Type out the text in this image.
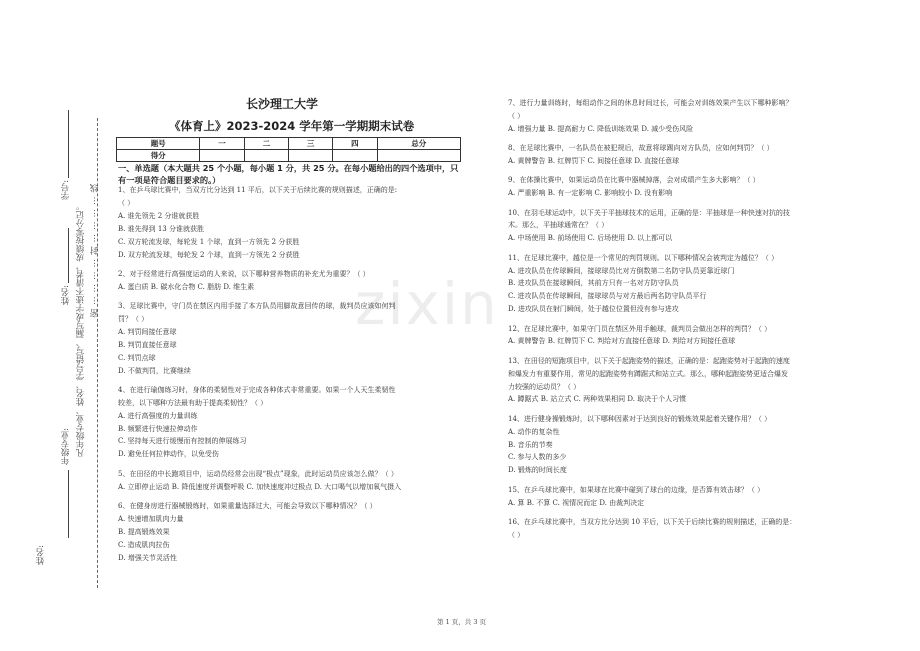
zixin
学号:
凡年级专业、姓名、学号错写、漏写或字迹不清者，成绩按零分记。 密⋯⋯⋯⋯封⋯⋯⋯⋯线
姓名:
年级专业:
姓名:
长沙理工大学
《体育上》2023-2024 学年第一学期期末试卷
题号	一	二	三	四	总分
得分					
一、单选题（本大题共 25 个小题，每小题 1 分，共 25 分。在每小题给出的四个选项中，只有一项是符合题目要求的。）
1、在乒乓球比赛中，当双方比分达到 11 平后，以下关于后续比赛的规则描述，正确的是:
（ ）
A. 谁先领先 2 分谁就获胜
B. 谁先得到 13 分谁就获胜
C. 双方轮流发球，每轮发 1 个球，直到一方领先 2 分获胜
D. 双方轮流发球，每轮发 2 个球，直到一方领先 2 分获胜
2、对于经常进行高强度运动的人来说，以下哪种营养物质的补充尤为重要？（ ）
A. 蛋白质 B. 碳水化合物 C. 脂肪 D. 维生素
3、足球比赛中，守门员在禁区内用手接了本方队员用脚故意回传的球，裁判员应该如何判
罚？（ ）
A. 判罚间接任意球
B. 判罚直接任意球
C. 判罚点球
D. 不做判罚，比赛继续
4、在进行瑜伽练习时，身体的柔韧性对于完成各种体式非常重要。如果一个人天生柔韧性
较差，以下哪种方法最有助于提高柔韧性？（ ）
A. 进行高强度的力量训练
B. 频繁进行快速拉伸动作
C. 坚持每天进行缓慢而有控制的伸展练习
D. 避免任何拉伸动作，以免受伤
5、在田径的中长跑项目中，运动员经常会出现“极点”现象，此时运动员应该怎么做？（ ）
A. 立即停止运动 B. 降低速度并调整呼吸 C. 加快速度冲过极点 D. 大口喝气以增加氧气摄入
6、在健身房进行器械锻炼时，如果重量选择过大，可能会导致以下哪种情况？（ ）
A. 快速增加肌肉力量
B. 提高锻炼效果
C. 造成肌肉拉伤
D. 增强关节灵活性
7、进行力量训练时，每组动作之间的休息时间过长，可能会对训练效果产生以下哪种影响？
（ ）
A. 增强力量 B. 提高耐力 C. 降低训练效果 D. 减少受伤风险
8、在足球比赛中，一名队员在被犯规后，故意将球踢向对方队员，应如何判罚？（ ）
A. 黄牌警告 B. 红牌罚下 C. 间接任意球 D. 直接任意球
9、在体操比赛中，如果运动员在比赛中器械掉落，会对成绩产生多大影响？（ ）
A. 严重影响 B. 有一定影响 C. 影响较小 D. 没有影响
10、在羽毛球运动中，以下关于平抽球技术的运用，正确的是：平抽球是一种快速对抗的技
术。那么，平抽球通常在？（ ）
A. 中场使用 B. 前场使用 C. 后场使用 D. 以上都可以
11、在足球比赛中，越位是一个常见的判罚规则。以下哪种情况会被判定为越位？（ ）
A. 进攻队员在传球瞬间，接球球员比对方倒数第二名防守队员更靠近球门
B. 进攻队员在接球瞬间，其前方只有一名对方防守队员
C. 进攻队员在传球瞬间，接球球员与对方最后两名防守队员平行
D. 进攻队员在射门瞬间，处于越位位置但没有参与进攻
12、在足球比赛中，如果守门员在禁区外用手触球，裁判员会做出怎样的判罚？（ ）
A. 黄牌警告 B. 红牌罚下 C. 判给对方直接任意球 D. 判给对方间接任意球
13、在田径的短跑项目中，以下关于起跑姿势的描述，正确的是：起跑姿势对于起跑的速度
和爆发力有重要作用，常见的起跑姿势有蹲踞式和站立式。那么，哪种起跑姿势更适合爆发
力较强的运动员？（ ）
A. 蹲踞式 B. 站立式 C. 两种效果相同 D. 取决于个人习惯
14、进行健身操锻炼时，以下哪种因素对于达到良好的锻炼效果起着关键作用？（ ）
A. 动作的复杂性
B. 音乐的节奏
C. 参与人数的多少
D. 锻炼的时间长度
15、在乒乓球比赛中，如果球在比赛中碰到了球台的边缘，是否算有效击球？（ ）
A. 算 B. 不算 C. 视情况而定 D. 由裁判决定
16、在乒乓球比赛中，当双方比分达到 10 平后，以下关于后续比赛的规则描述，正确的是：
（ ）
第 1 页，共 3 页
